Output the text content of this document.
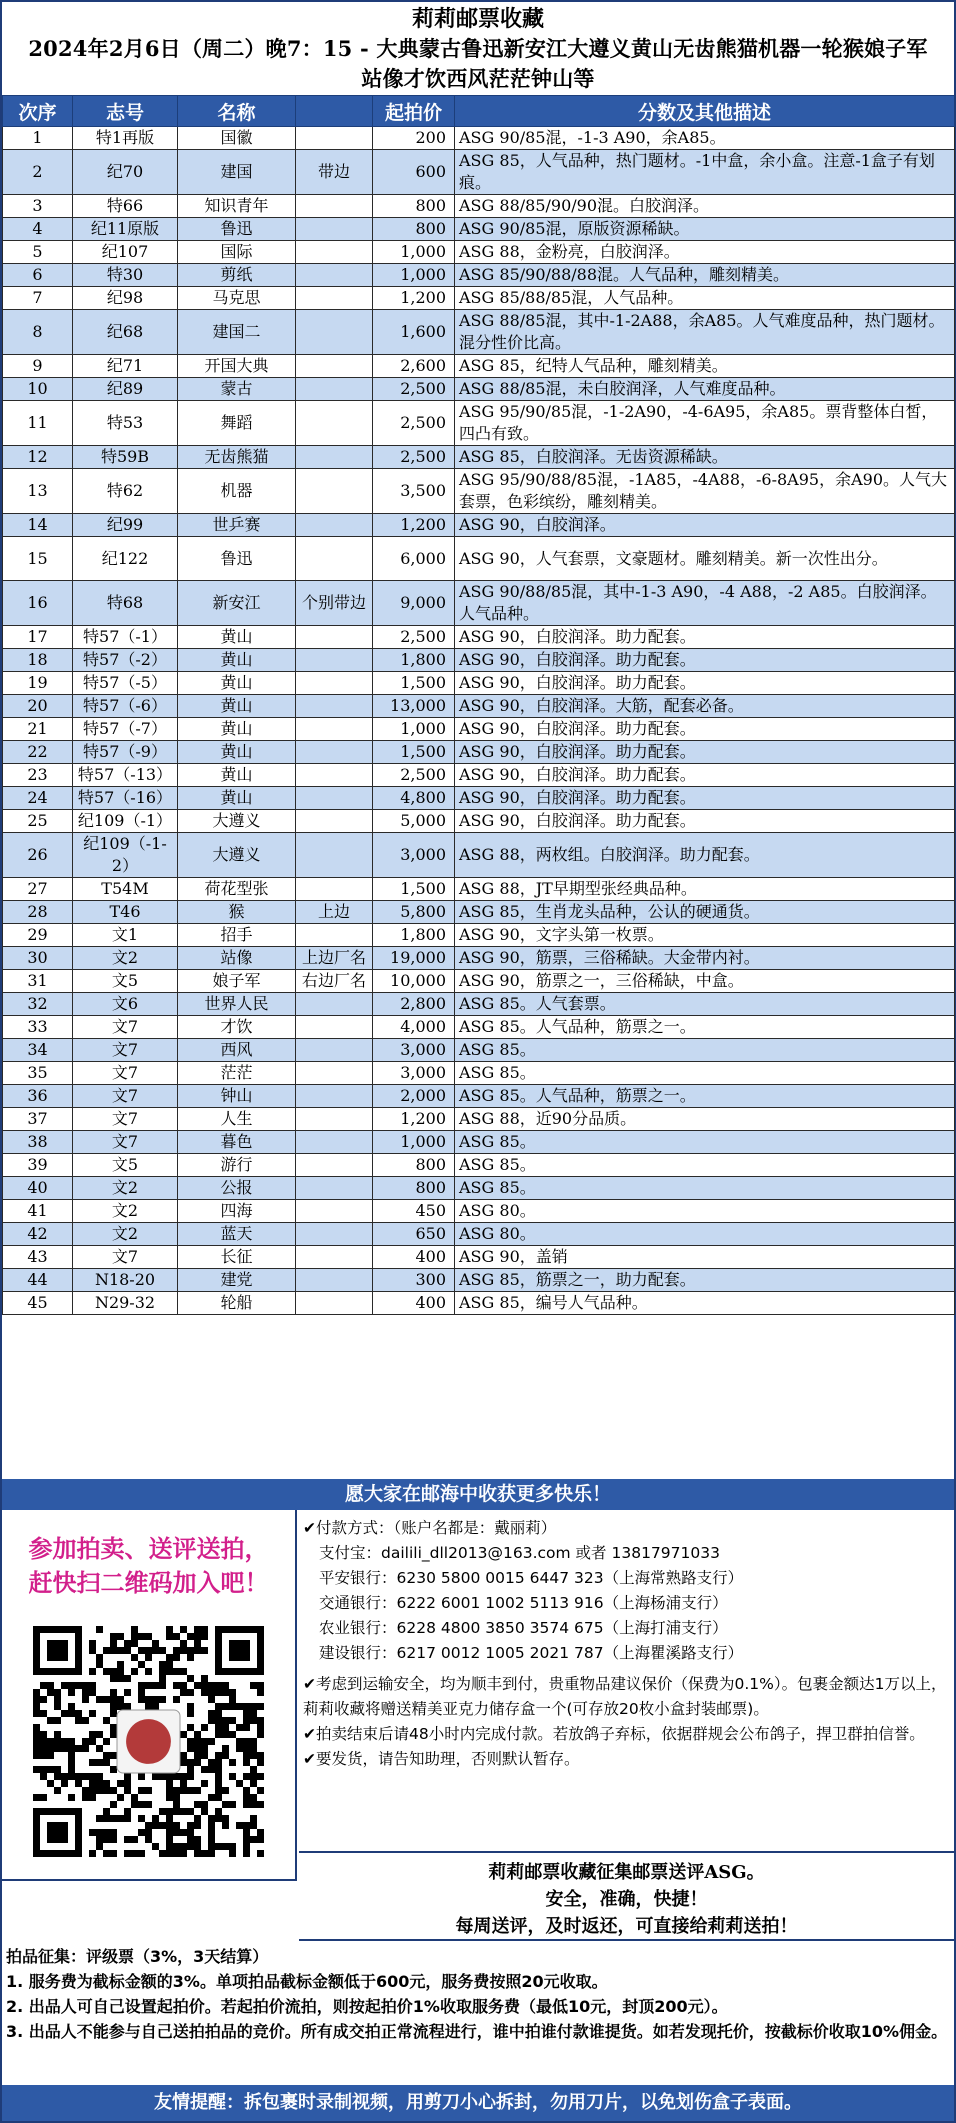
莉莉邮票收藏
2024年2月6日（周二）晚7：15 - 大典蒙古鲁迅新安江大遵义黄山无齿熊猫机器一轮猴娘子军
站像才饮西风茫茫钟山等
次序	志号	名称		起拍价	分数及其他描述
1	特1再版	国徽		200	ASG 90/85混，-1-3 A90，余A85。
2	纪70	建国	带边	600	ASG 85，人气品种，热门题材。-1中盒，余小盒。注意-1盒子有划痕。
3	特66	知识青年		800	ASG 88/85/90/90混。白胶润泽。
4	纪11原版	鲁迅		800	ASG 90/85混，原版资源稀缺。
5	纪107	国际		1,000	ASG 88，金粉亮，白胶润泽。
6	特30	剪纸		1,000	ASG 85/90/88/88混。人气品种，雕刻精美。
7	纪98	马克思		1,200	ASG 85/88/85混，人气品种。
8	纪68	建国二		1,600	ASG 88/85混，其中-1-2A88，余A85。人气难度品种，热门题材。混分性价比高。
9	纪71	开国大典		2,600	ASG 85，纪特人气品种，雕刻精美。
10	纪89	蒙古		2,500	ASG 88/85混，未白胶润泽，人气难度品种。
11	特53	舞蹈		2,500	ASG 95/90/85混，-1-2A90，-4-6A95，余A85。票背整体白皙，四凸有致。
12	特59B	无齿熊猫		2,500	ASG 85，白胶润泽。无齿资源稀缺。
13	特62	机器		3,500	ASG 95/90/88/85混，-1A85，-4A88，-6-8A95，余A90。人气大套票，色彩缤纷，雕刻精美。
14	纪99	世乒赛		1,200	ASG 90，白胶润泽。
15	纪122	鲁迅		6,000	ASG 90，人气套票，文豪题材。雕刻精美。新一次性出分。
16	特68	新安江	个别带边	9,000	ASG 90/88/85混，其中-1-3 A90，-4 A88，-2 A85。白胶润泽。人气品种。
17	特57（-1）	黄山		2,500	ASG 90，白胶润泽。助力配套。
18	特57（-2）	黄山		1,800	ASG 90，白胶润泽。助力配套。
19	特57（-5）	黄山		1,500	ASG 90，白胶润泽。助力配套。
20	特57（-6）	黄山		13,000	ASG 90，白胶润泽。大筋，配套必备。
21	特57（-7）	黄山		1,000	ASG 90，白胶润泽。助力配套。
22	特57（-9）	黄山		1,500	ASG 90，白胶润泽。助力配套。
23	特57（-13）	黄山		2,500	ASG 90，白胶润泽。助力配套。
24	特57（-16）	黄山		4,800	ASG 90，白胶润泽。助力配套。
25	纪109（-1）	大遵义		5,000	ASG 90，白胶润泽。助力配套。
26	纪109（-1-2）	大遵义		3,000	ASG 88，两枚组。白胶润泽。助力配套。
27	T54M	荷花型张		1,500	ASG 88，JT早期型张经典品种。
28	T46	猴	上边	5,800	ASG 85，生肖龙头品种，公认的硬通货。
29	文1	招手		1,800	ASG 90，文字头第一枚票。
30	文2	站像	上边厂名	19,000	ASG 90，筋票，三俗稀缺。大金带内衬。
31	文5	娘子军	右边厂名	10,000	ASG 90，筋票之一，三俗稀缺，中盒。
32	文6	世界人民		2,800	ASG 85。人气套票。
33	文7	才饮		4,000	ASG 85。人气品种，筋票之一。
34	文7	西风		3,000	ASG 85。
35	文7	茫茫		3,000	ASG 85。
36	文7	钟山		2,000	ASG 85。人气品种，筋票之一。
37	文7	人生		1,200	ASG 88，近90分品质。
38	文7	暮色		1,000	ASG 85。
39	文5	游行		800	ASG 85。
40	文2	公报		800	ASG 85。
41	文2	四海		450	ASG 80。
42	文2	蓝天		650	ASG 80。
43	文7	长征		400	ASG 90，盖销
44	N18-20	建党		300	ASG 85，筋票之一，助力配套。
45	N29-32	轮船		400	ASG 85，编号人气品种。
愿大家在邮海中收获更多快乐！
参加拍卖、送评送拍，
赶快扫二维码加入吧！
✔付款方式：（账户名都是：戴丽莉）
支付宝：dailili_dll2013@163.com 或者 13817971033
平安银行：6230 5800 0015 6447 323（上海常熟路支行）
交通银行：6222 6001 1002 5113 916（上海杨浦支行）
农业银行：6228 4800 3850 3574 675（上海打浦支行）
建设银行：6217 0012 1005 2021 787（上海瞿溪路支行）
✔考虑到运输安全，均为顺丰到付，贵重物品建议保价（保费为0.1%）。包裹金额达1万以上，莉莉收藏将赠送精美亚克力储存盒一个(可存放20枚小盒封装邮票)。
✔拍卖结束后请48小时内完成付款。若放鸽子弃标，依据群规会公布鸽子，捍卫群拍信誉。
✔要发货，请告知助理，否则默认暂存。
莉莉邮票收藏征集邮票送评ASG。
安全，准确，快捷！
每周送评，及时返还，可直接给莉莉送拍！
拍品征集：评级票（3%，3天结算）
1. 服务费为截标金额的3%。单项拍品截标金额低于600元，服务费按照20元收取。
2. 出品人可自己设置起拍价。若起拍价流拍，则按起拍价1%收取服务费（最低10元，封顶200元）。
3. 出品人不能参与自己送拍拍品的竞价。所有成交拍正常流程进行，谁中拍谁付款谁提货。如若发现托价，按截标价收取10%佣金。
友情提醒：拆包裹时录制视频，用剪刀小心拆封，勿用刀片，以免划伤盒子表面。
